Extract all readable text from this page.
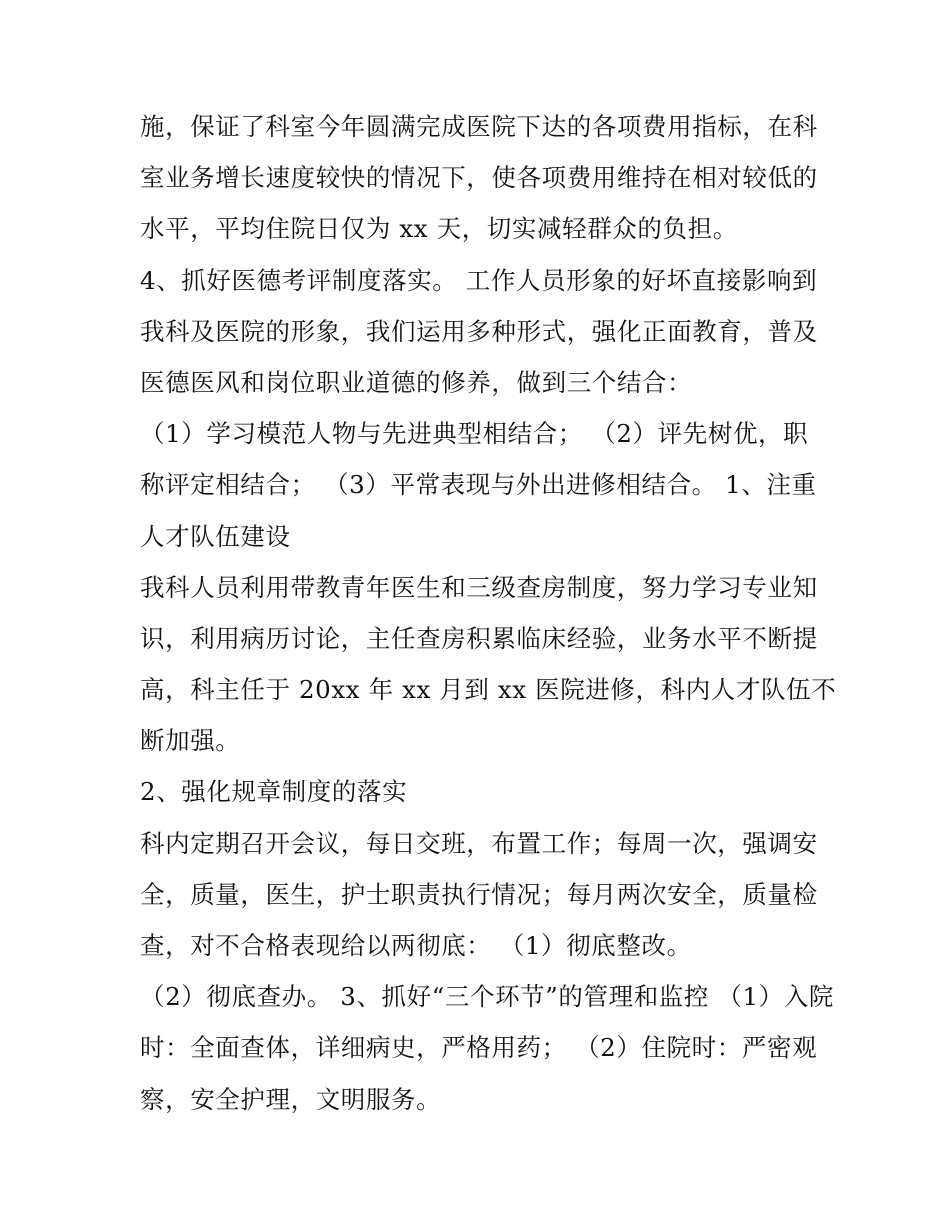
施，保证了科室今年圆满完成医院下达的各项费用指标，在科
室业务增长速度较快的情况下，使各项费用维持在相对较低的
水平，平均住院日仅为 xx 天，切实减轻群众的负担。
4、抓好医德考评制度落实。 工作人员形象的好坏直接影响到
我科及医院的形象，我们运用多种形式，强化正面教育，普及
医德医风和岗位职业道德的修养，做到三个结合：
（1）学习模范人物与先进典型相结合； （2）评先树优，职
称评定相结合； （3）平常表现与外出进修相结合。 1、注重
人才队伍建设
我科人员利用带教青年医生和三级查房制度，努力学习专业知
识，利用病历讨论，主任查房积累临床经验，业务水平不断提
高，科主任于 20xx 年 xx 月到 xx 医院进修，科内人才队伍不
断加强。
2、强化规章制度的落实
科内定期召开会议，每日交班，布置工作；每周一次，强调安
全，质量，医生，护士职责执行情况；每月两次安全，质量检
查，对不合格表现给以两彻底： （1）彻底整改。
（2）彻底查办。 3、抓好“三个环节”的管理和监控 （1）入院
时：全面查体，详细病史，严格用药； （2）住院时：严密观
察，安全护理，文明服务。
